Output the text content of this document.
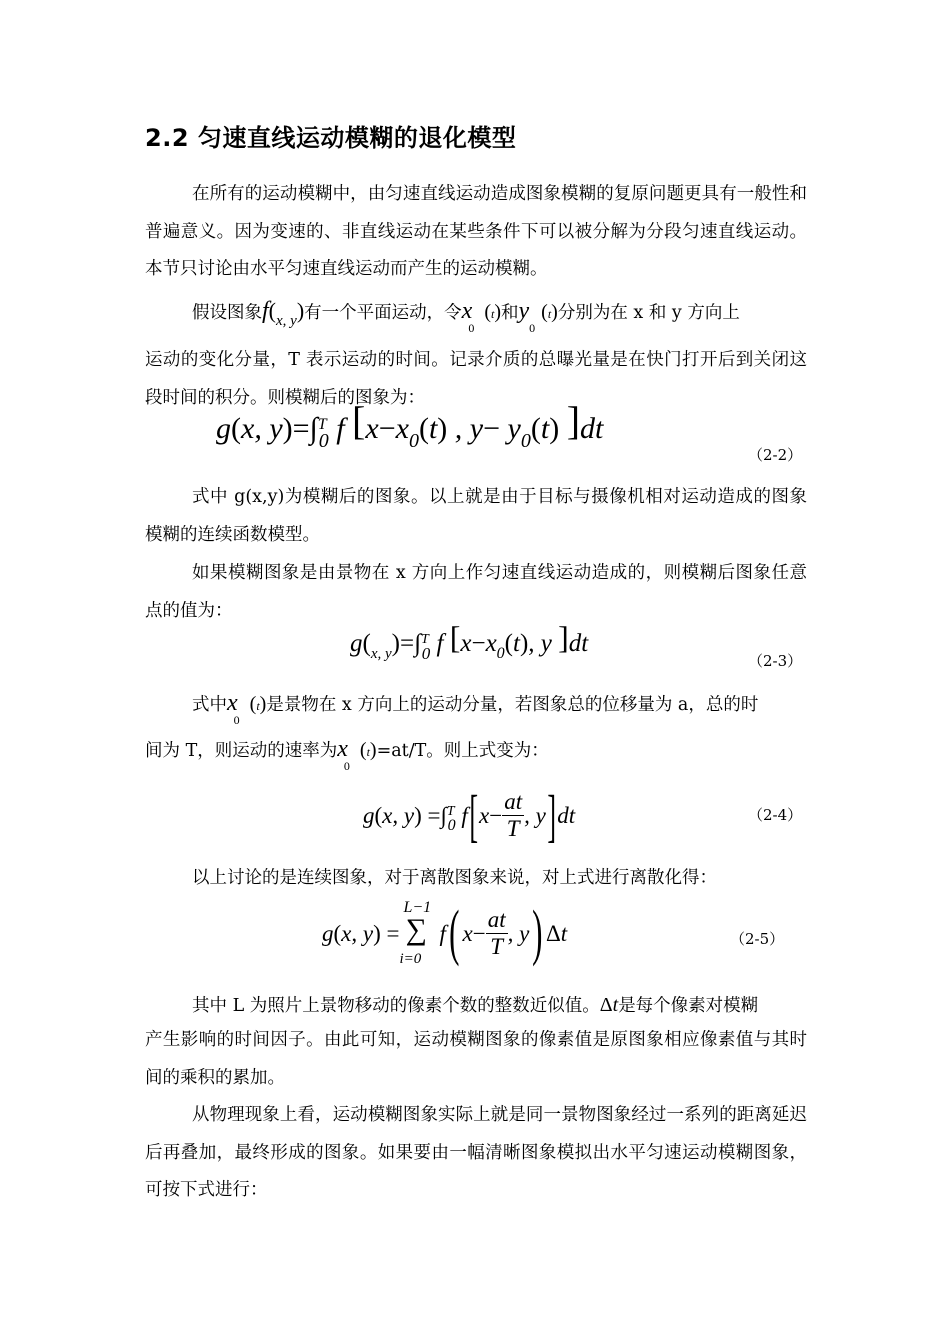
2.2 匀速直线运动模糊的退化模型
在所有的运动模糊中，由匀速直线运动造成图象模糊的复原问题更具有一般性和普遍意义。因为变速的、非直线运动在某些条件下可以被分解为分段匀速直线运动。本节只讨论由水平匀速直线运动而产生的运动模糊。
假设图象$f(_{x, y})$有一个平面运动，令x $_0$(t)和y $_0$(t)分别为在 x 和 y 方向上
运动的变化分量，T 表示运动的时间。记录介质的总曝光量是在快门打开后到关闭这段时间的积分。则模糊后的图象为：
g(x, y)=∫$^T_0$ f [$x-x_0(t)$ , $y- y_0(t)$ ]dt
（2-2）
式中 g(x,y)为模糊后的图象。以上就是由于目标与摄像机相对运动造成的图象模糊的连续函数模型。
如果模糊图象是由景物在 x 方向上作匀速直线运动造成的，则模糊后图象任意点的值为：
$g(_{x, y})=\int^T_0$ f [$x-x_0(t)$, y ]dt
（2-3）
式中x $_0$(t)是景物在 x 方向上的运动分量，若图象总的位移量为 a，总的时
间为 T，则运动的速率为x $_0$(t)=at/T。则上式变为：
g(x, y) =∫$^T_0$ $f[x- \frac{at}{T}$ , y]dt	（2-4）
以上讨论的是连续图象，对于离散图象来说，对上式进行离散化得：
g(x, y) =
L−1
∑
i=0
f( $x- \frac{at}{T}$ , y) Δt	（2-5）
其中 L 为照片上景物移动的像素个数的整数近似值。Δt是每个像素对模糊
产生影响的时间因子。由此可知，运动模糊图象的像素值是原图象相应像素值与其时间的乘积的累加。
从物理现象上看，运动模糊图象实际上就是同一景物图象经过一系列的距离延迟后再叠加，最终形成的图象。如果要由一幅清晰图象模拟出水平匀速运动模糊图象，可按下式进行：
